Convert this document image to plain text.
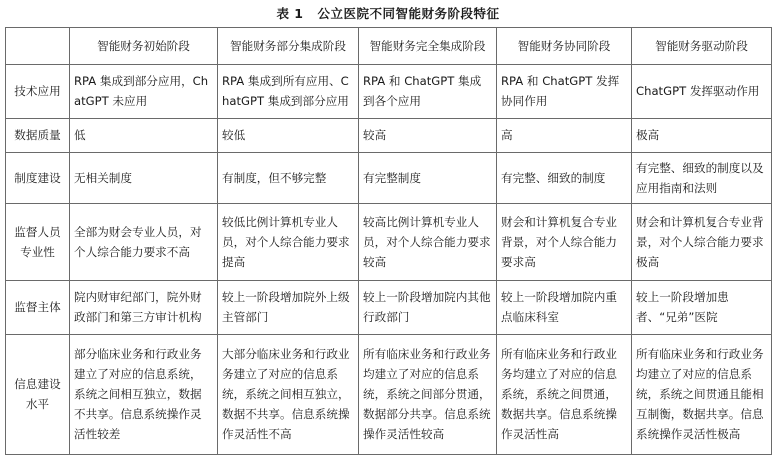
表 1 公立医院不同智能财务阶段特征
	智能财务初始阶段	智能财务部分集成阶段	智能财务完全集成阶段	智能财务协同阶段	智能财务驱动阶段
技术应用	RPA 集成到部分应用，ChatGPT 未应用	RPA 集成到所有应用、ChatGPT 集成到部分应用	RPA 和 ChatGPT 集成到各个应用	RPA 和 ChatGPT 发挥协同作用	ChatGPT 发挥驱动作用
数据质量	低	较低	较高	高	极高
制度建设	无相关制度	有制度，但不够完整	有完整制度	有完整、细致的制度	有完整、细致的制度以及应用指南和法则
监督人员专业性	全部为财会专业人员，对个人综合能力要求不高	较低比例计算机专业人员，对个人综合能力要求提高	较高比例计算机专业人员，对个人综合能力要求较高	财会和计算机复合专业背景，对个人综合能力要求高	财会和计算机复合专业背景，对个人综合能力要求极高
监督主体	院内财审纪部门，院外财政部门和第三方审计机构	较上一阶段增加院外上级主管部门	较上一阶段增加院内其他行政部门	较上一阶段增加院内重点临床科室	较上一阶段增加患者、“兄弟”医院
信息建设水平	部分临床业务和行政业务建立了对应的信息系统，系统之间相互独立，数据不共享。信息系统操作灵活性较差	大部分临床业务和行政业务建立了对应的信息系统，系统之间相互独立，数据不共享。信息系统操作灵活性不高	所有临床业务和行政业务均建立了对应的信息系统，系统之间部分贯通，数据部分共享。信息系统操作灵活性较高	所有临床业务和行政业务均建立了对应的信息系统，系统之间贯通，数据共享。信息系统操作灵活性高	所有临床业务和行政业务均建立了对应的信息系统，系统之间贯通且能相互制衡，数据共享。信息系统操作灵活性极高
